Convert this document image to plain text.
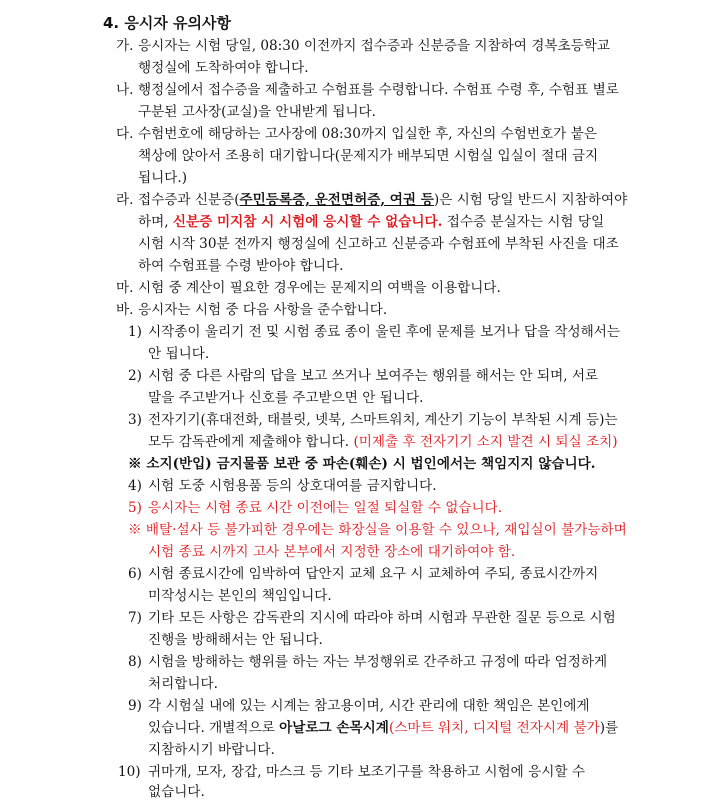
4. 응시자 유의사항
가. 응시자는 시험 당일, 08:30 이전까지 접수증과 신분증을 지참하여 경복초등학교
행정실에 도착하여야 합니다.
나. 행정실에서 접수증을 제출하고 수험표를 수령합니다. 수험표 수령 후, 수험표 별로
구분된 고사장(교실)을 안내받게 됩니다.
다. 수험번호에 해당하는 고사장에 08:30까지 입실한 후, 자신의 수험번호가 붙은
책상에 앉아서 조용히 대기합니다(문제지가 배부되면 시험실 입실이 절대 금지
됩니다.)
라. 접수증과 신분증(주민등록증, 운전면허증, 여권 등)은 시험 당일 반드시 지참하여야
하며, 신분증 미지참 시 시험에 응시할 수 없습니다. 접수증 분실자는 시험 당일
시험 시작 30분 전까지 행정실에 신고하고 신분증과 수험표에 부착된 사진을 대조
하여 수험표를 수령 받아야 합니다.
마. 시험 중 계산이 필요한 경우에는 문제지의 여백을 이용합니다.
바. 응시자는 시험 중 다음 사항을 준수합니다.
1) 시작종이 울리기 전 및 시험 종료 종이 울린 후에 문제를 보거나 답을 작성해서는
안 됩니다.
2) 시험 중 다른 사람의 답을 보고 쓰거나 보여주는 행위를 해서는 안 되며, 서로
말을 주고받거나 신호를 주고받으면 안 됩니다.
3) 전자기기(휴대전화, 태블릿, 넷북, 스마트워치, 계산기 기능이 부착된 시계 등)는
모두 감독관에게 제출해야 합니다. (미제출 후 전자기기 소지 발견 시 퇴실 조치)
※ 소지(반입) 금지물품 보관 중 파손(훼손) 시 법인에서는 책임지지 않습니다.
4) 시험 도중 시험용품 등의 상호대여를 금지합니다.
5) 응시자는 시험 종료 시간 이전에는 일절 퇴실할 수 없습니다.
※ 배탈·설사 등 불가피한 경우에는 화장실을 이용할 수 있으나, 재입실이 불가능하며
시험 종료 시까지 고사 본부에서 지정한 장소에 대기하여야 함.
6) 시험 종료시간에 임박하여 답안지 교체 요구 시 교체하여 주되, 종료시간까지
미작성시는 본인의 책임입니다.
7) 기타 모든 사항은 감독관의 지시에 따라야 하며 시험과 무관한 질문 등으로 시험
진행을 방해해서는 안 됩니다.
8) 시험을 방해하는 행위를 하는 자는 부정행위로 간주하고 규정에 따라 엄정하게
처리합니다.
9) 각 시험실 내에 있는 시계는 참고용이며, 시간 관리에 대한 책임은 본인에게
있습니다. 개별적으로 아날로그 손목시계(스마트 워치, 디지털 전자시계 불가)를
지참하시기 바랍니다.
10) 귀마개, 모자, 장갑, 마스크 등 기타 보조기구를 착용하고 시험에 응시할 수
없습니다.
